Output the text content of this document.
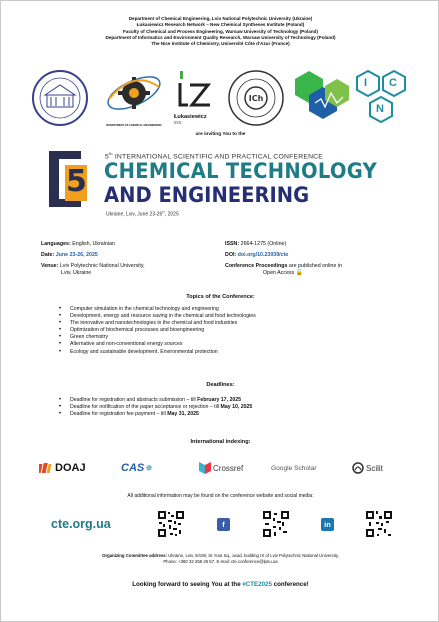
Department of Chemical Engineering, Lviv National Polytechnic University (Ukraine)
Łukasiewicz Research Network – New Chemical Syntheses Institute (Poland)
Faculty of Chemical and Process Engineering, Warsaw University of Technology (Poland)
Department of Informatics and Environment Quality Research, Warsaw University of Technology (Poland)
The Nice Institute of Chemistry, Université Côte d'Azur (France)
DEPARTMENT OF CHEMICAL ENGINEERING
Łukasiewicz
INS
ICh
I C
N
are inviting You to the
5
5th INTERNATIONAL SCIENTIFIC AND PRACTICAL CONFERENCE
CHEMICAL TECHNOLOGY
AND ENGINEERING
Ukraine, Lviv, June 23-26th, 2025
Languages: English, Ukrainian
Date: June 23-26, 2025
Venue: Lviv Polytechnic National University,
Lviv, Ukraine
ISSN: 2664-1275 (Online)
DOI: doi.org/10.23939/cte
Conference Proceedings are published online in
Open Access 🔓
Topics of the Conference:
• Computer simulation in the chemical technology and engineering
• Development, energy and resource saving in the chemical and food technologies
• The innovative and nanotechnologies in the chemical and food industries
• Optimization of biochemical processes and bioengineering
• Green chemistry
• Alternative and non-conventional energy sources
• Ecology and sustainable development. Environmental protection
Deadlines:
• Deadline for registration and abstracts submission – till February 17, 2025
• Deadline for notification of the paper acceptance or rejection – till May 10, 2025
• Deadline for registration fee payment – till May 31, 2025
International indexing:
DOAJ	CAS ✵	Crossref	Google Scholar	Scilit
All additional information may be found on the conference website and social media:
cte.org.ua	f	in
Organizing Committee address: Ukraine, Lviv, 9/108, St.Yura Sq., acad. building IX of Lviv Polytechnic National University.
Phone: +380 32 258 26 57. E-mail: cte.conference@lpnu.ua
Looking forward to seeing You at the #CTE2025 conference!
